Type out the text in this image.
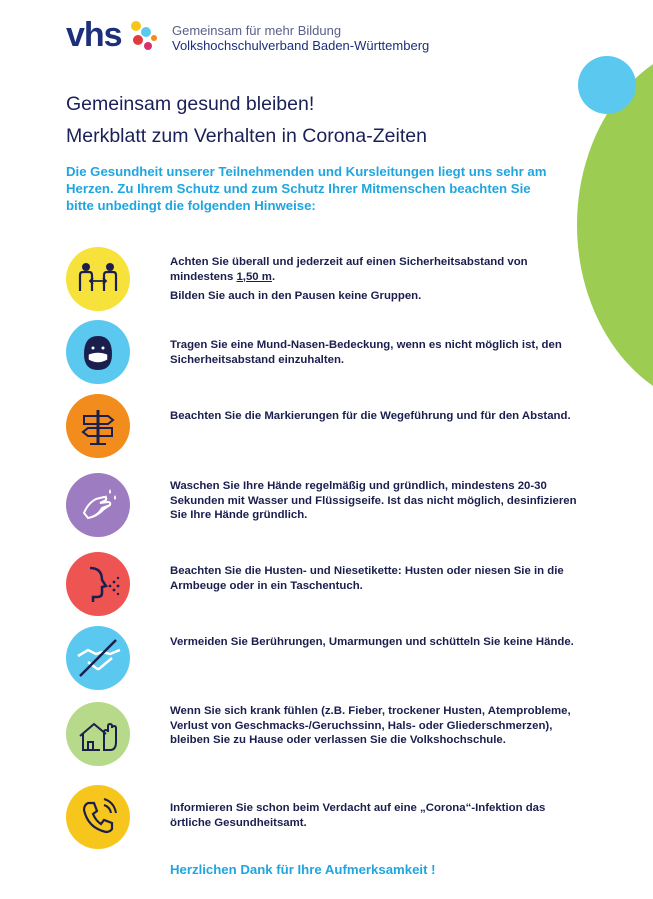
vhs	Gemeinsam für mehr Bildung
Volkshochschulverband Baden-Württemberg
Gemeinsam gesund bleiben!
Merkblatt zum Verhalten in Corona-Zeiten
Die Gesundheit unserer Teilnehmenden und Kursleitungen liegt uns sehr am Herzen. Zu Ihrem Schutz und zum Schutz Ihrer Mitmenschen beachten Sie bitte unbedingt die folgenden Hinweise:
Achten Sie überall und jederzeit auf einen Sicherheitsabstand von mindestens 1,50 m.
Bilden Sie auch in den Pausen keine Gruppen.
Tragen Sie eine Mund-Nasen-Bedeckung, wenn es nicht möglich ist, den Sicherheitsabstand einzuhalten.
Beachten Sie die Markierungen für die Wegeführung und für den Abstand.
Waschen Sie Ihre Hände regelmäßig und gründlich, mindestens 20-30 Sekunden mit Wasser und Flüssigseife. Ist das nicht möglich, desinfizieren Sie Ihre Hände gründlich.
Beachten Sie die Husten- und Niesetikette: Husten oder niesen Sie in die Armbeuge oder in ein Taschentuch.
Vermeiden Sie Berührungen, Umarmungen und schütteln Sie keine Hände.
Wenn Sie sich krank fühlen (z.B. Fieber, trockener Husten, Atemprobleme, Verlust von Geschmacks-/Geruchssinn, Hals- oder Gliederschmerzen), bleiben Sie zu Hause oder verlassen Sie die Volkshochschule.
Informieren Sie schon beim Verdacht auf eine „Corona“-Infektion das örtliche Gesundheitsamt.
Herzlichen Dank für Ihre Aufmerksamkeit !
